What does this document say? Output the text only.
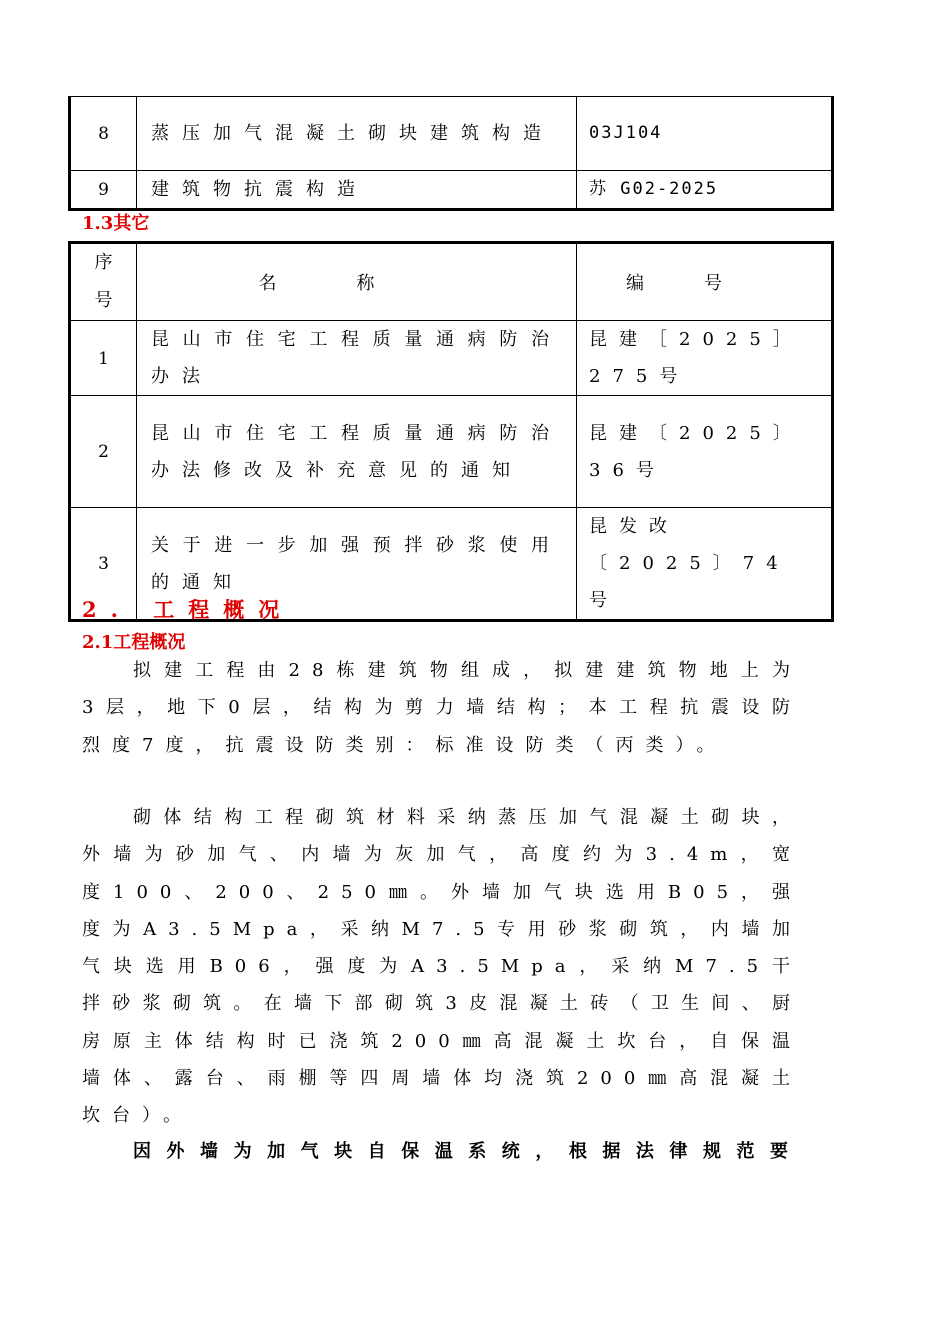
8	蒸压加气混凝土砌块建筑构造	03J104

9	建筑物抗震构造	苏 G02-2025
1.3其它
序号	名称	编号

1	昆山市住宅工程质量通病防治办法	昆建［2025］275号

2	昆山市住宅工程质量通病防治办法修改及补充意见的通知	昆建〔2025〕36号

3	关于进一步加强预拌砂浆使用的通知	昆发改〔2025〕74号
2. 工程概况
2.1工程概况
拟建工程由28栋建筑物组成，拟建建筑物地上为3层，地下0层，结构为剪力墙结构；本工程抗震设防烈度7度，抗震设防类别：标准设防类（丙类）。
砌体结构工程砌筑材料采纳蒸压加气混凝土砌块，外墙为砂加气、内墙为灰加气，高度约为3.4m，宽度100、200、250㎜。外墙加气块选用B05，强度为A3.5Mpa，采纳M7.5专用砂浆砌筑，内墙加气块选用B06，强度为A3.5Mpa，采纳M7.5干拌砂浆砌筑。在墙下部砌筑3皮混凝土砖（卫生间、厨房原主体结构时已浇筑200㎜高混凝土坎台，自保温墙体、露台、雨棚等四周墙体均浇筑200㎜高混凝土坎台）。
因外墙为加气块自保温系统，根据法律规范要
